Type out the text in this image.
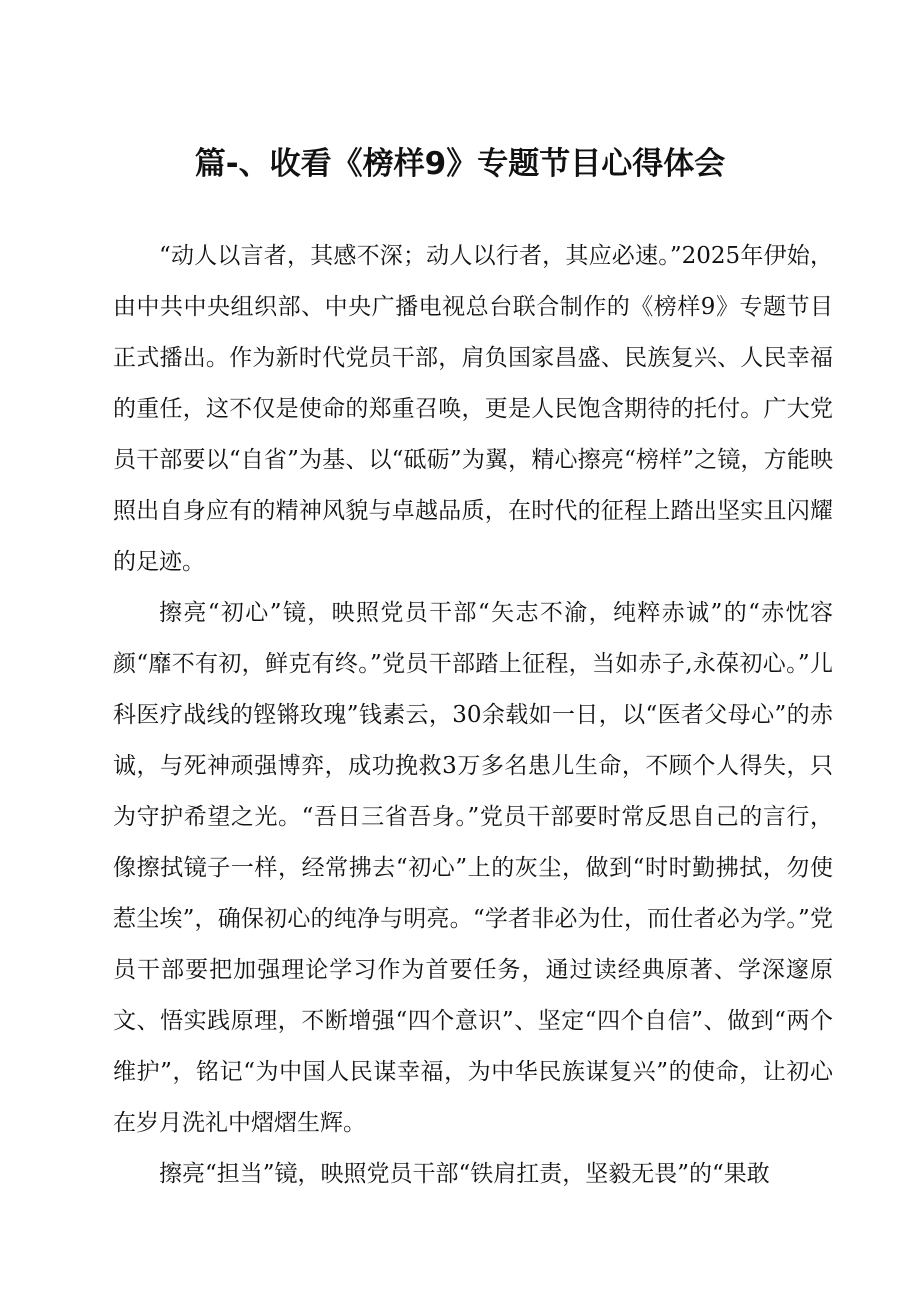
篇-、收看《榜样9》专题节目心得体会

“动人以言者，其感不深；动人以行者，其应必速。”2025年伊始，由中共中央组织部、中央广播电视总台联合制作的《榜样9》专题节目正式播出。作为新时代党员干部，肩负国家昌盛、民族复兴、人民幸福的重任，这不仅是使命的郑重召唤，更是人民饱含期待的托付。广大党员干部要以“自省”为基、以“砥砺”为翼，精心擦亮“榜样”之镜，方能映照出自身应有的精神风貌与卓越品质，在时代的征程上踏出坚实且闪耀的足迹。

擦亮“初心”镜，映照党员干部“矢志不渝，纯粹赤诚”的“赤忱容颜“靡不有初，鲜克有终。”党员干部踏上征程，当如赤子,永葆初心。”儿科医疗战线的铿锵玫瑰”钱素云，30余载如一日，以“医者父母心”的赤诚，与死神顽强博弈，成功挽救3万多名患儿生命，不顾个人得失，只为守护希望之光。“吾日三省吾身。”党员干部要时常反思自己的言行，像擦拭镜子一样，经常拂去“初心”上的灰尘，做到“时时勤拂拭，勿使惹尘埃”，确保初心的纯净与明亮。“学者非必为仕，而仕者必为学。”党员干部要把加强理论学习作为首要任务，通过读经典原著、学深邃原文、悟实践原理，不断增强“四个意识”、坚定“四个自信”、做到“两个维护”，铭记“为中国人民谋幸福，为中华民族谋复兴”的使命，让初心在岁月洗礼中熠熠生辉。

擦亮“担当”镜，映照党员干部“铁肩扛责，坚毅无畏”的“果敢
